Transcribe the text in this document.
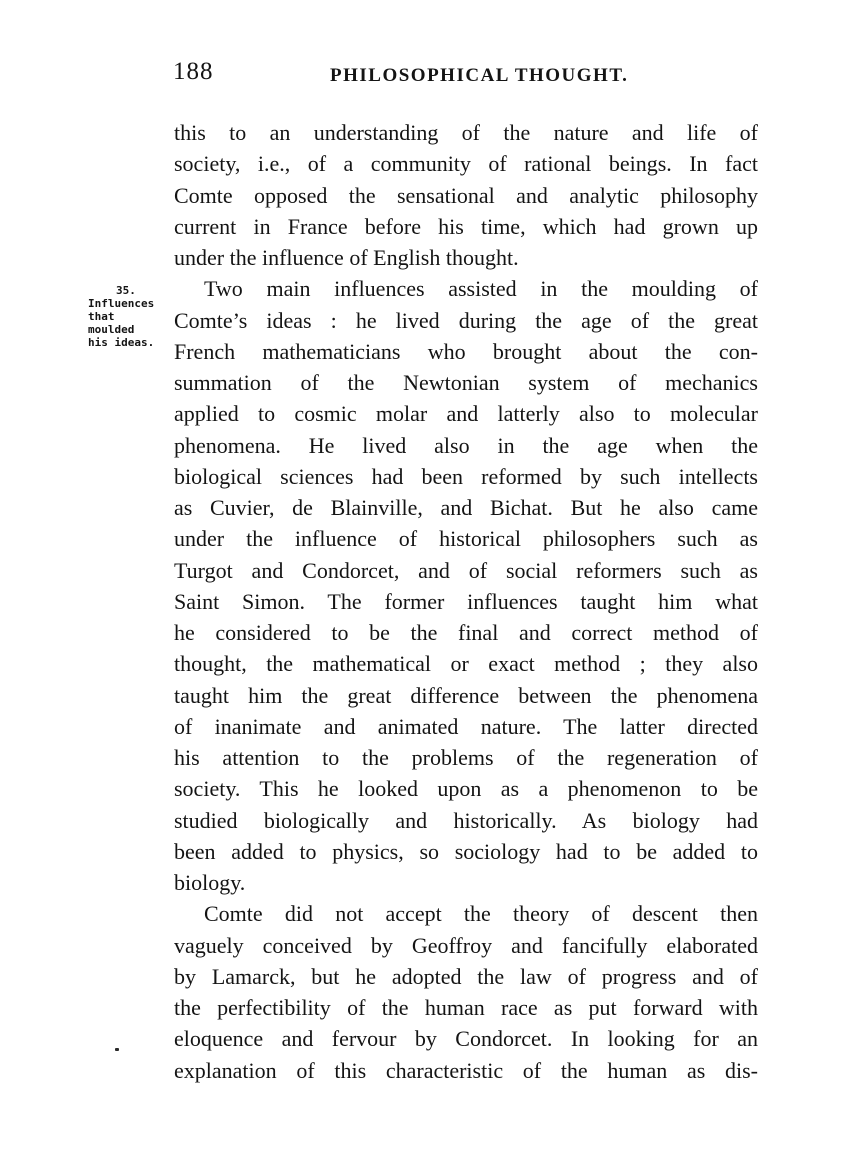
188	PHILOSOPHICAL THOUGHT.
35.
Influences
that
moulded
his ideas.
this to an understanding of the nature and life of
society, i.e., of a community of rational beings. In fact
Comte opposed the sensational and analytic philosophy
current in France before his time, which had grown up
under the influence of English thought.
Two main influences assisted in the moulding of
Comte’s ideas : he lived during the age of the great
French mathematicians who brought about the con-
summation of the Newtonian system of mechanics
applied to cosmic molar and latterly also to molecular
phenomena. He lived also in the age when the
biological sciences had been reformed by such intellects
as Cuvier, de Blainville, and Bichat. But he also came
under the influence of historical philosophers such as
Turgot and Condorcet, and of social reformers such as
Saint Simon. The former influences taught him what
he considered to be the final and correct method of
thought, the mathematical or exact method ; they also
taught him the great difference between the phenomena
of inanimate and animated nature. The latter directed
his attention to the problems of the regeneration of
society. This he looked upon as a phenomenon to be
studied biologically and historically. As biology had
been added to physics, so sociology had to be added to
biology.
Comte did not accept the theory of descent then
vaguely conceived by Geoffroy and fancifully elaborated
by Lamarck, but he adopted the law of progress and of
the perfectibility of the human race as put forward with
eloquence and fervour by Condorcet. In looking for an
explanation of this characteristic of the human as dis-
